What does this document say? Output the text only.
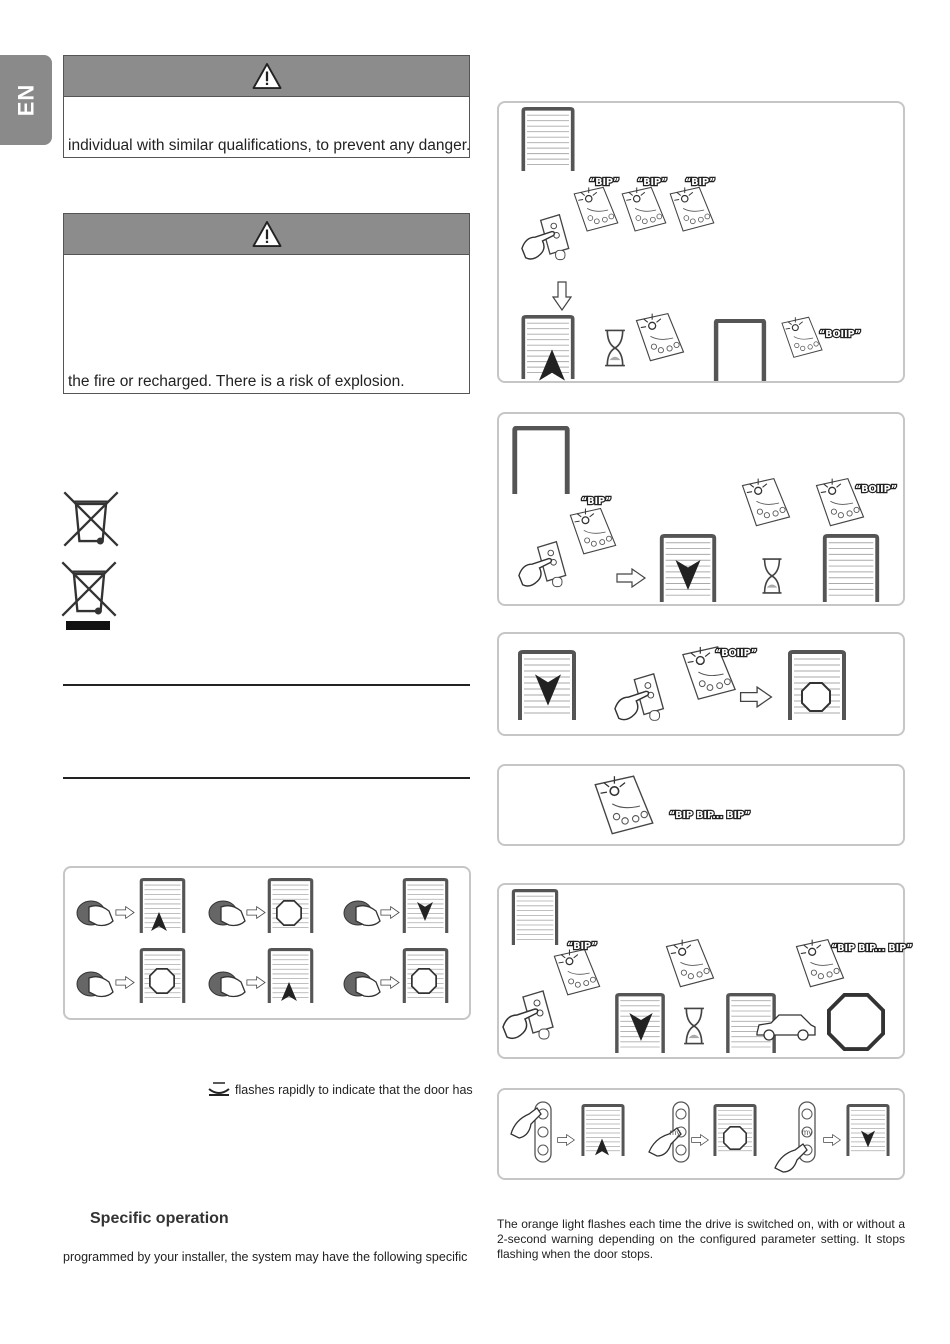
EN
individual with similar qualifications, to prevent any danger.
the fire or recharged. There is a risk of explosion.
flashes rapidly to indicate that the door has
Specific operation
programmed by your installer, the system may have the following specific
“BIP” “BIP” “BIP”
“BOIIP”
“BIP”
“BOIIP”
“BOIIP”
“BIP BIP... BIP”
“BIP”	“BIP BIP... BIP”
my	my
The orange light flashes each time the drive is switched on, with or without a 2-second warning depending on the configured parameter setting. It stops flashing when the door stops.
